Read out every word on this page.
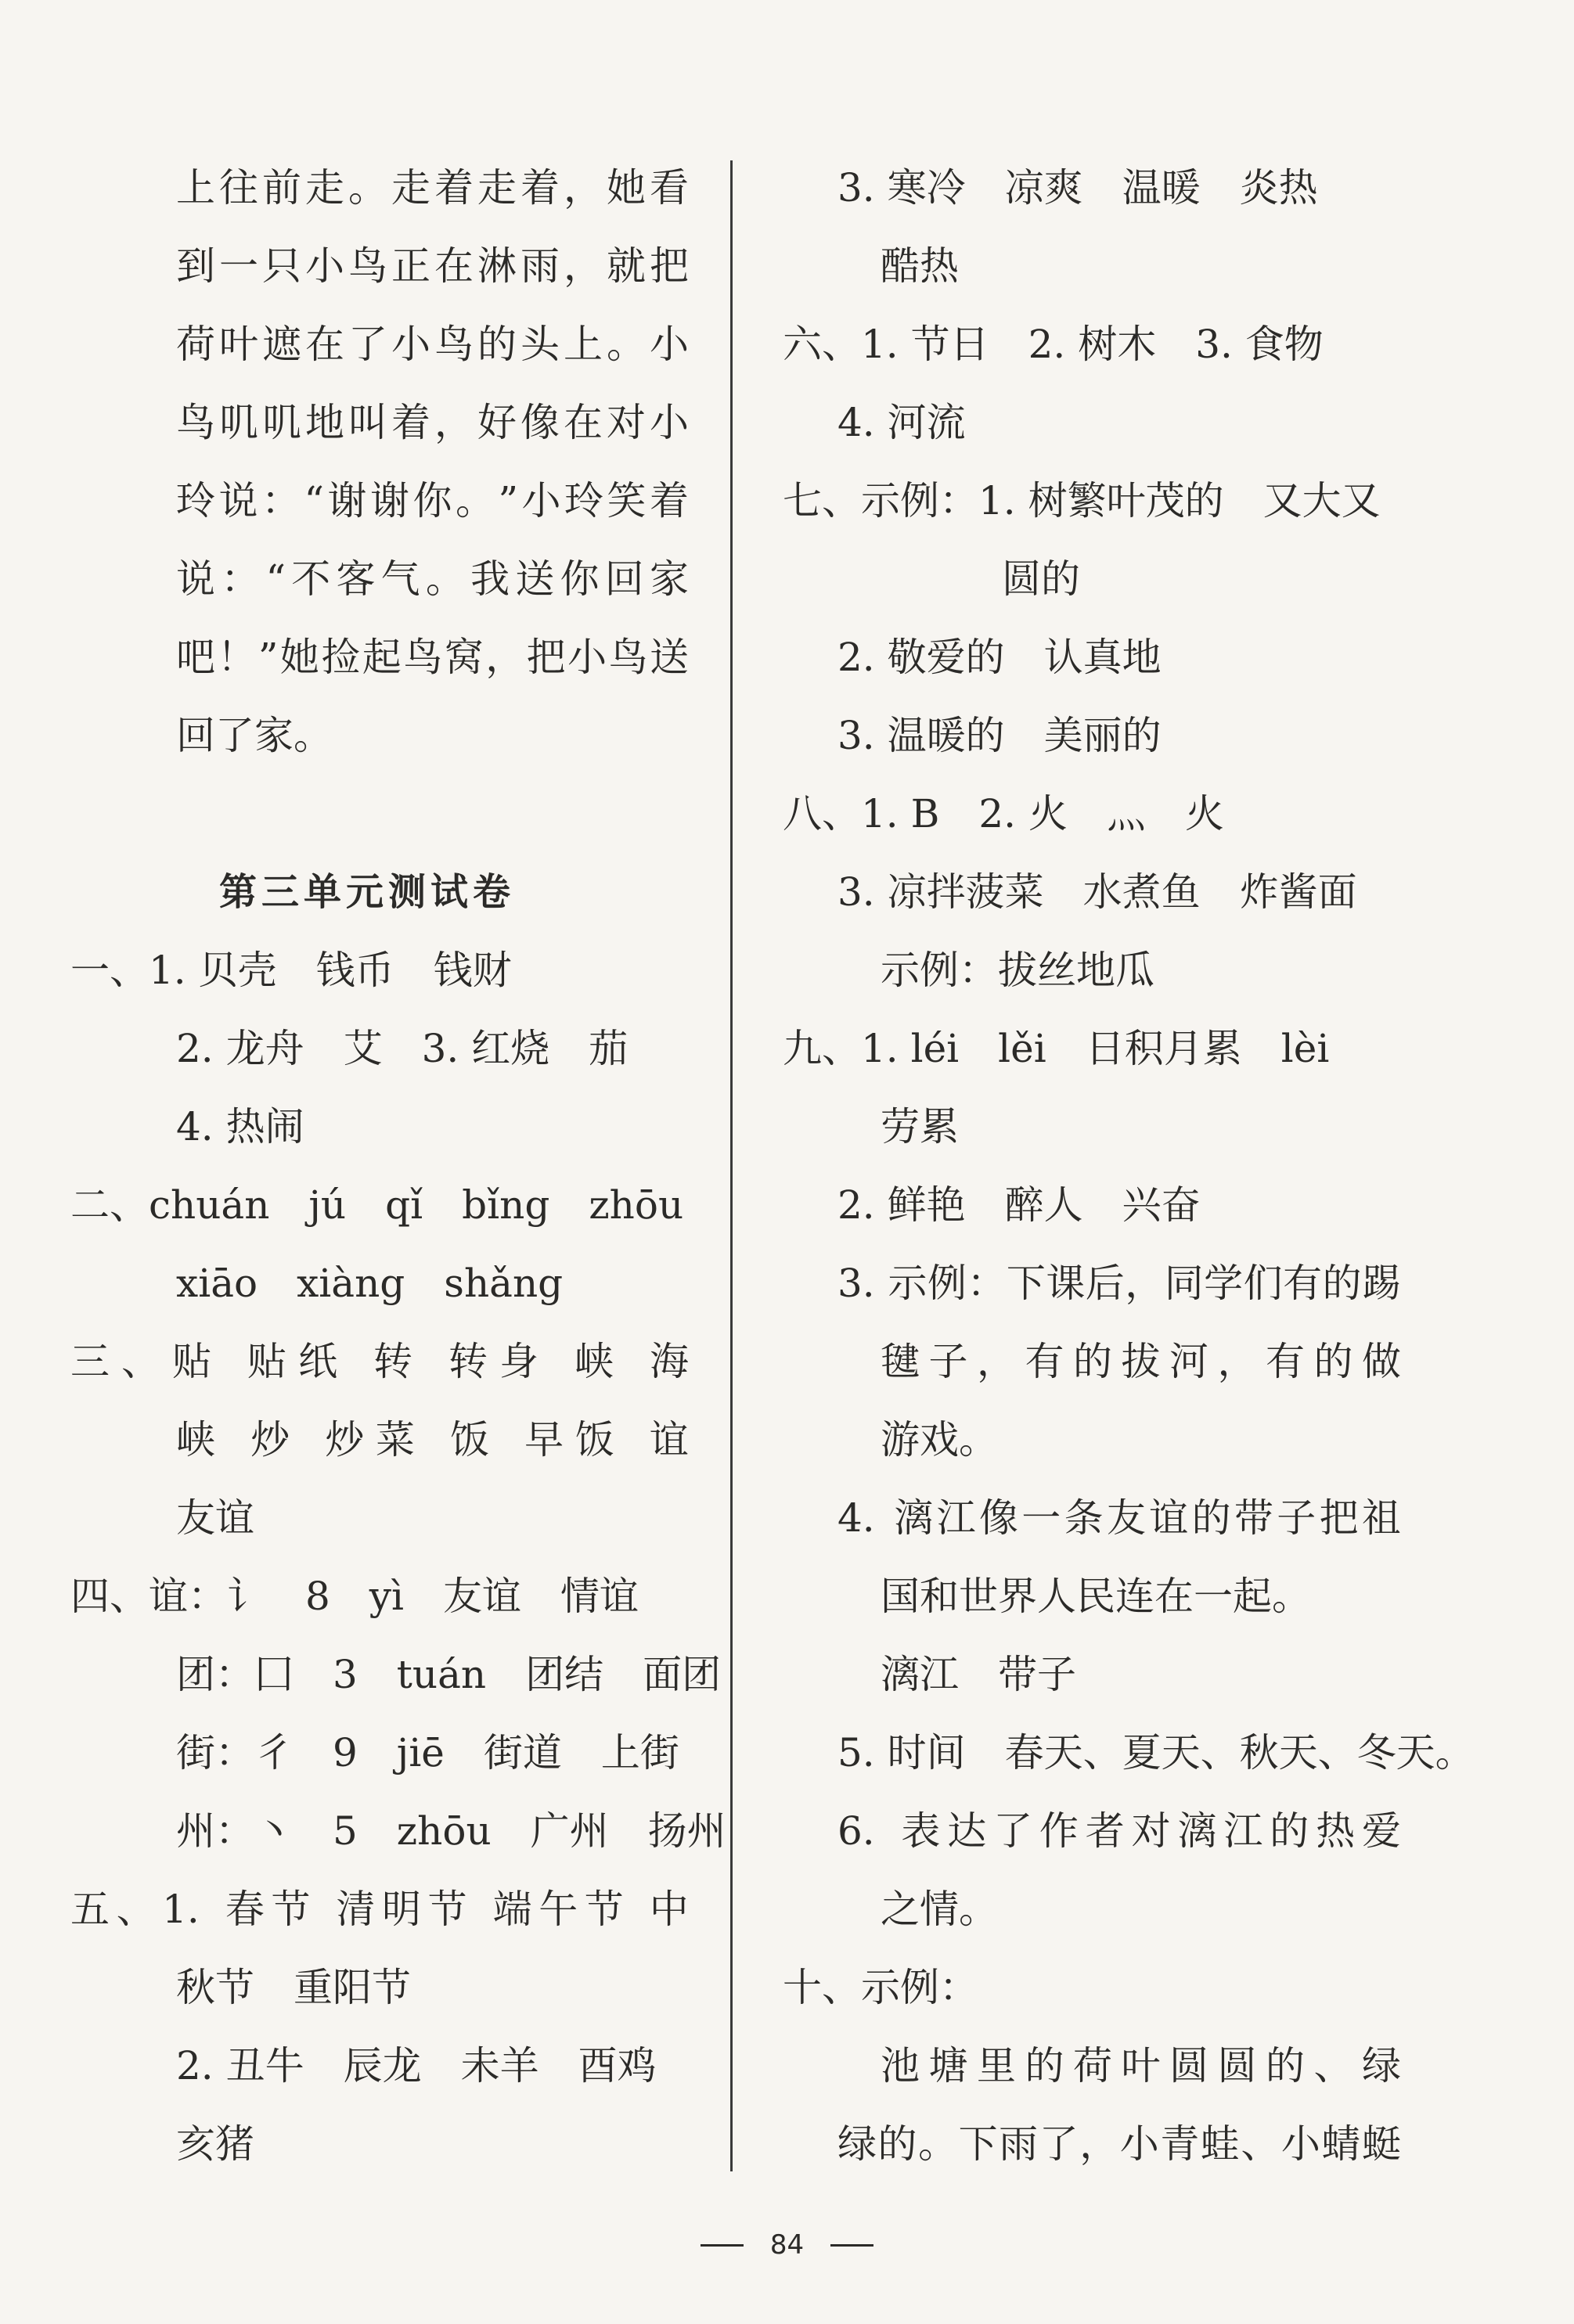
上 往 前 走 。 走 着 走 着 ， 她 看
到 一 只 小 鸟 正 在 淋 雨 ， 就 把
荷 叶 遮 在 了 小 鸟 的 头 上 。 小
鸟 叽 叽 地 叫 着 ， 好 像 在 对 小
玲 说 ： “ 谢 谢 你 。 ” 小 玲 笑 着
说 ： “ 不 客 气 。 我 送 你 回 家
吧 ！ ” 她 捡 起 鸟 窝 ， 把 小 鸟 送
回了家。
第三单元测试卷
一、1. 贝壳　钱币　钱财
2. 龙舟　艾　3. 红烧　茄
4. 热闹
二、chuán　jú　qǐ　bǐng　zhōu
xiāo　xiàng　shǎng
三 、 贴
贴 纸
转
转 身
峡
海
峡
炒
炒 菜
饭
早 饭
谊
友谊
四、谊：讠　8　yì　友谊　情谊
团：囗　3　tuán　团结　面团
街：彳　9　jiē　街道　上街
州：丶　5　zhōu　广州　扬州
五 、 1.
春 节
清 明 节
端 午 节
中
秋节　重阳节
2. 丑牛　辰龙　未羊　酉鸡
亥猪
3. 寒冷　凉爽　温暖　炎热
酷热
六、1. 节日　2. 树木　3. 食物
4. 河流
七、示例：1. 树繁叶茂的　又大又
圆的
2. 敬爱的　认真地
3. 温暖的　美丽的
八、1. B　2. 火　灬　火
3. 凉拌菠菜　水煮鱼　炸酱面
示例：拔丝地瓜
九、1. léi　lěi　日积月累　lèi
劳累
2. 鲜艳　醉人　兴奋
3.
示 例 ： 下 课 后 ， 同 学 们 有 的 踢
毽 子 ， 有 的 拔 河 ， 有 的 做
游戏。
4.
漓 江 像 一 条 友 谊 的 带 子 把 祖
国和世界人民连在一起。
漓江　带子
5. 时间　春天、夏天、秋天、冬天。
6.
表 达 了 作 者 对 漓 江 的 热 爱
之情。
十、示例：
池 塘 里 的 荷 叶 圆 圆 的 、 绿
绿 的 。 下 雨 了 ， 小 青 蛙 、 小 蜻 蜓
84
